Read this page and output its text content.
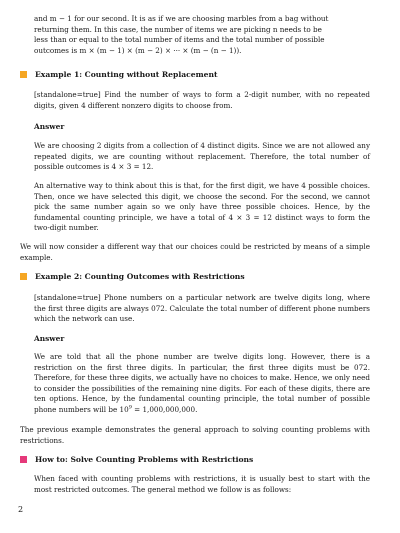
and m − 1 for our second. It is as if we are choosing marbles from a bag without

returning them. In this case, the number of items we are picking n needs to be

less than or equal to the total number of items and the total number of possible

outcomes is m × (m − 1) × (m − 2) × ··· × (m − (n − 1)).

Example 1: Counting without Replacement

[standalone=true] Find the number of ways to form a 2-digit number, with no repeated digits, given 4 different nonzero digits to choose from.

Answer

We are choosing 2 digits from a collection of 4 distinct digits. Since we are not allowed any repeated digits, we are counting without replacement. Therefore, the total number of possible outcomes is 4 × 3 = 12.

An alternative way to think about this is that, for the first digit, we have 4 possible choices. Then, once we have selected this digit, we choose the second. For the second, we cannot pick the same number again so we only have three possible choices. Hence, by the fundamental counting principle, we have a total of 4 × 3 = 12 distinct ways to form the two-digit number.

We will now consider a different way that our choices could be restricted by means of a simple example.

Example 2: Counting Outcomes with Restrictions

[standalone=true] Phone numbers on a particular network are twelve digits long, where the first three digits are always 072. Calculate the total number of different phone numbers which the network can use.

Answer

We are told that all the phone number are twelve digits long. However, there is a restriction on the first three digits. In particular, the first three digits must be 072. Therefore, for these three digits, we actually have no choices to make. Hence, we only need to consider the possibilities of the remaining nine digits. For each of these digits, there are ten options. Hence, by the fundamental counting principle, the total number of possible phone numbers will be $10^9 = 1,000,000,000$.

The previous example demonstrates the general approach to solving counting problems with restrictions.

How to: Solve Counting Problems with Restrictions

When faced with counting problems with restrictions, it is usually best to start with the most restricted outcomes. The general method we follow is as follows:

2
